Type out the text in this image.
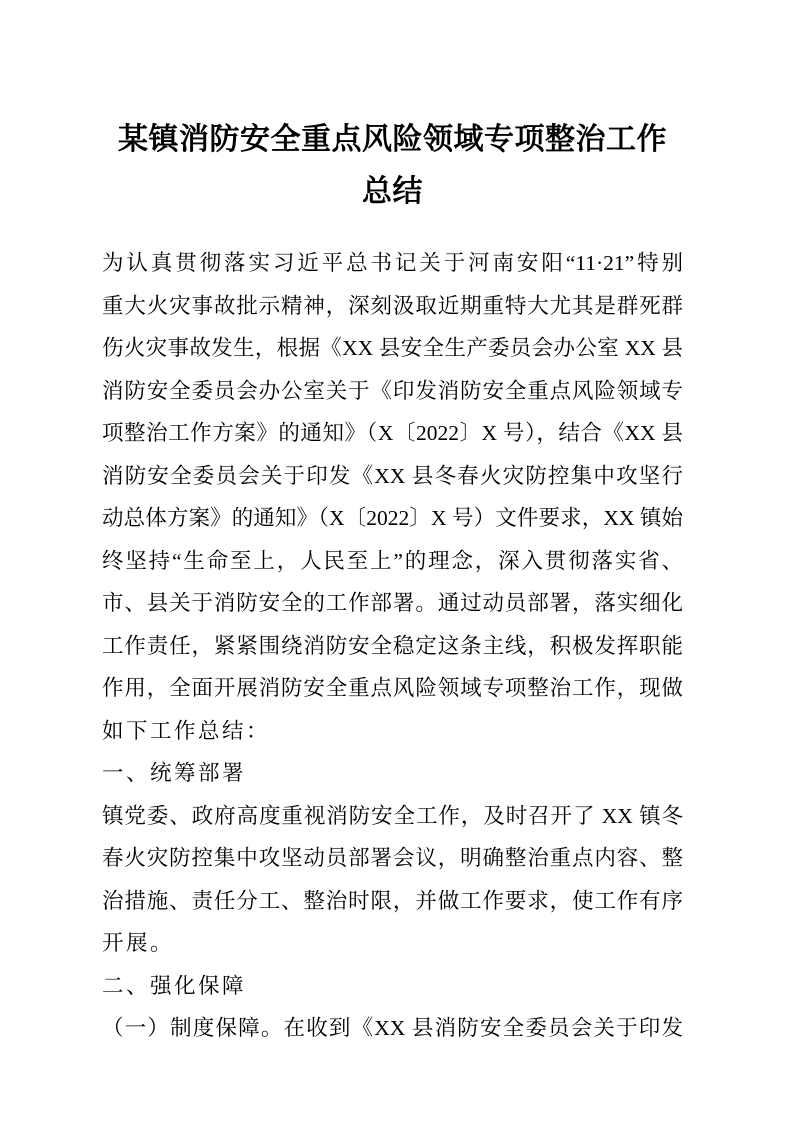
某镇消防安全重点风险领域专项整治工作
总结
为认真贯彻落实习近平总书记关于河南安阳“11·21”特别
重大火灾事故批示精神，深刻汲取近期重特大尤其是群死群
伤火灾事故发生，根据《XX 县安全生产委员会办公室 XX 县
消防安全委员会办公室关于《印发消防安全重点风险领域专
项整治工作方案》的通知》（X〔2022〕X 号），结合《XX 县
消防安全委员会关于印发《XX 县冬春火灾防控集中攻坚行
动总体方案》的通知》（X〔2022〕X 号）文件要求，XX 镇始
终坚持“生命至上，人民至上”的理念，深入贯彻落实省、
市、县关于消防安全的工作部署。通过动员部署，落实细化
工作责任，紧紧围绕消防安全稳定这条主线，积极发挥职能
作用，全面开展消防安全重点风险领域专项整治工作，现做
如下工作总结：
一、统筹部署
镇党委、政府高度重视消防安全工作，及时召开了 XX 镇冬
春火灾防控集中攻坚动员部署会议，明确整治重点内容、整
治措施、责任分工、整治时限，并做工作要求，使工作有序
开展。
二、强化保障
（一）制度保障。在收到《XX 县消防安全委员会关于印发
